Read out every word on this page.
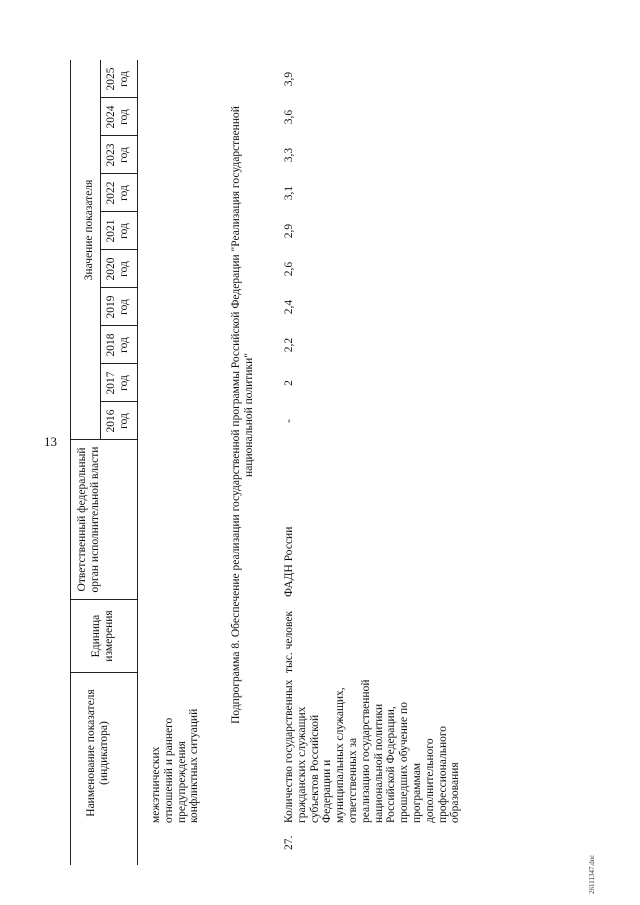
13
Наименование показателя (индикатора)
Единица измерения
Ответственный федеральный орган исполнительной власти
Значение показателя
2016 год
2017 год
2018 год
2019 год
2020 год
2021 год
2022 год
2023 год
2024 год
2025 год
межэтнических отношений и раннего предупреждения конфликтных ситуаций
Подпрограмма 8. Обеспечение реализации государственной программы Российской Федерации "Реализация государственной национальной политики"
27.
Количество государственных гражданских служащих субъектов Российской Федерации и муниципальных служащих, ответственных за реализацию государственной национальной политики Российской Федерации, прошедших обучение по программам дополнительного профессионального образования
тыс. человек
ФАДН России
-
2
2,2
2,4
2,6
2,9
3,1
3,3
3,6
3,9
26111347.doc
